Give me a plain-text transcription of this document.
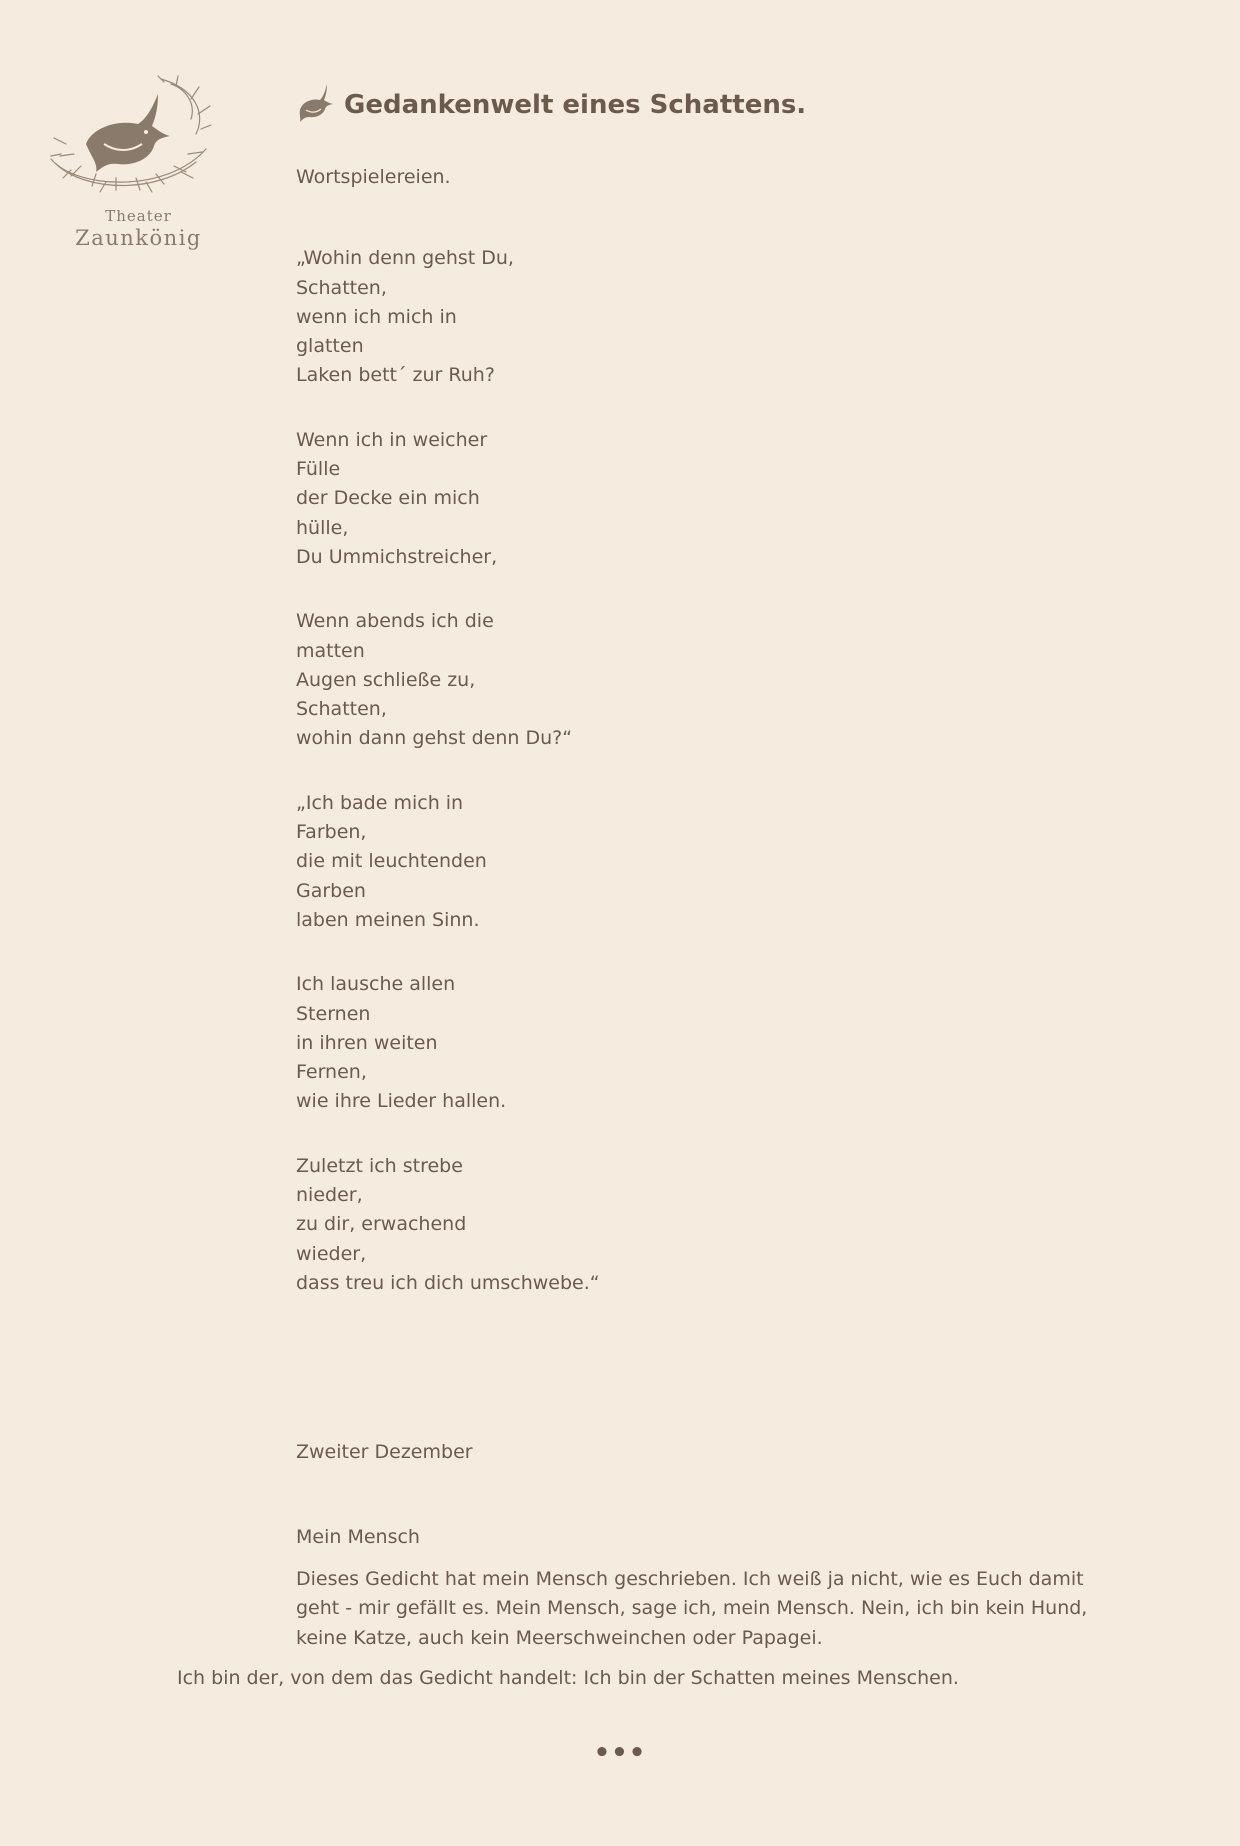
Theater
Zaunkönig
Gedankenwelt eines Schattens.

Wortspielereien.

„Wohin denn gehst Du,
Schatten,
wenn ich mich in
glatten
Laken bett´ zur Ruh?
Wenn ich in weicher
Fülle
der Decke ein mich
hülle,
Du Ummichstreicher,
Wenn abends ich die
matten
Augen schließe zu,
Schatten,
wohin dann gehst denn Du?“
„Ich bade mich in
Farben,
die mit leuchtenden
Garben
laben meinen Sinn.
Ich lausche allen
Sternen
in ihren weiten
Fernen,
wie ihre Lieder hallen.
Zuletzt ich strebe
nieder,
zu dir, erwachend
wieder,
dass treu ich dich umschwebe.“
Zweiter Dezember
Mein Mensch

Dieses Gedicht hat mein Mensch geschrieben. Ich weiß ja nicht, wie es Euch damit geht - mir gefällt es. Mein Mensch, sage ich, mein Mensch. Nein, ich bin kein Hund, keine Katze, auch kein Meerschweinchen oder Papagei.

Ich bin der, von dem das Gedicht handelt: Ich bin der Schatten meines Menschen.
•••
